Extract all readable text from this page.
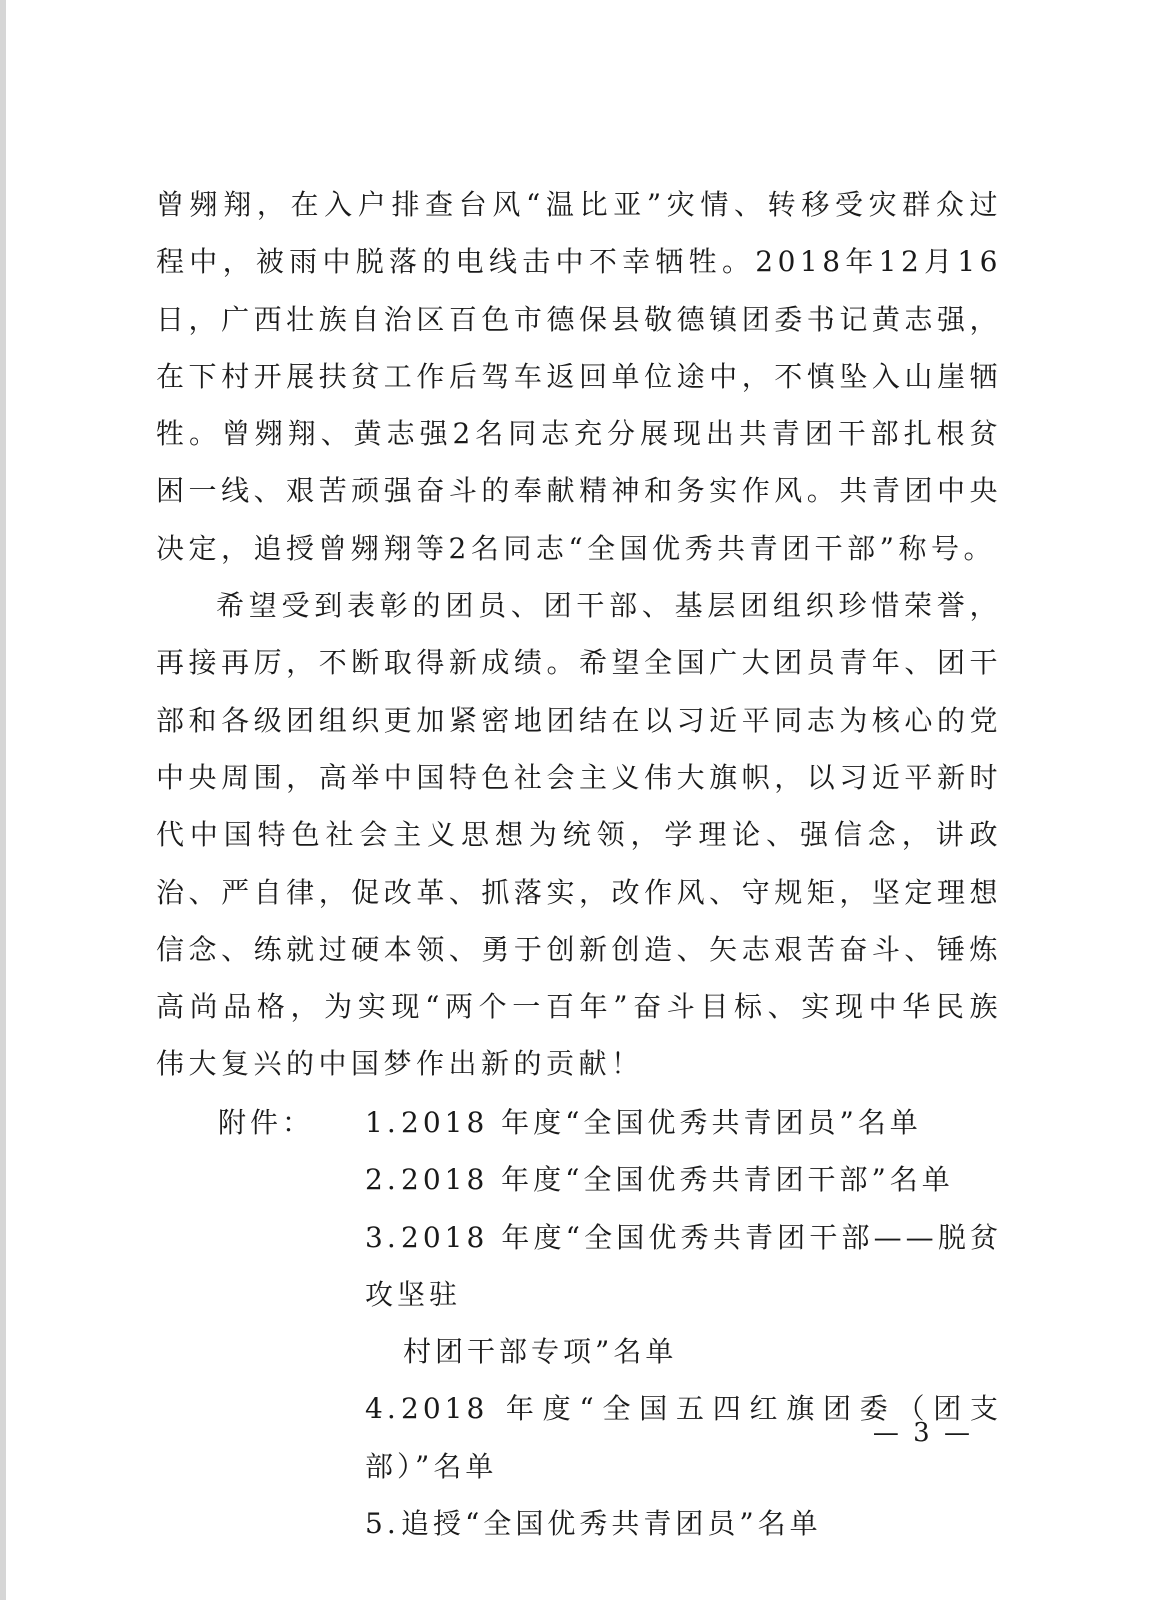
曾翙翔，在入户排查台风“温比亚”灾情、转移受灾群众过程中，被雨中脱落的电线击中不幸牺牲。2018年12月16日，广西壮族自治区百色市德保县敬德镇团委书记黄志强，在下村开展扶贫工作后驾车返回单位途中，不慎坠入山崖牺牲。曾翙翔、黄志强2名同志充分展现出共青团干部扎根贫困一线、艰苦顽强奋斗的奉献精神和务实作风。共青团中央决定，追授曾翙翔等2名同志“全国优秀共青团干部”称号。

希望受到表彰的团员、团干部、基层团组织珍惜荣誉，再接再厉，不断取得新成绩。希望全国广大团员青年、团干部和各级团组织更加紧密地团结在以习近平同志为核心的党中央周围，高举中国特色社会主义伟大旗帜，以习近平新时代中国特色社会主义思想为统领，学理论、强信念，讲政治、严自律，促改革、抓落实，改作风、守规矩，坚定理想信念、练就过硬本领、勇于创新创造、矢志艰苦奋斗、锤炼高尚品格，为实现“两个一百年”奋斗目标、实现中华民族伟大复兴的中国梦作出新的贡献！

附件：	1.2018 年度“全国优秀共青团员”名单
2.2018 年度“全国优秀共青团干部”名单
3.2018 年度“全国优秀共青团干部——脱贫攻坚驻
村团干部专项”名单
4.2018 年度“全国五四红旗团委（团支部）”名单
5.追授“全国优秀共青团员”名单
— 3 —
